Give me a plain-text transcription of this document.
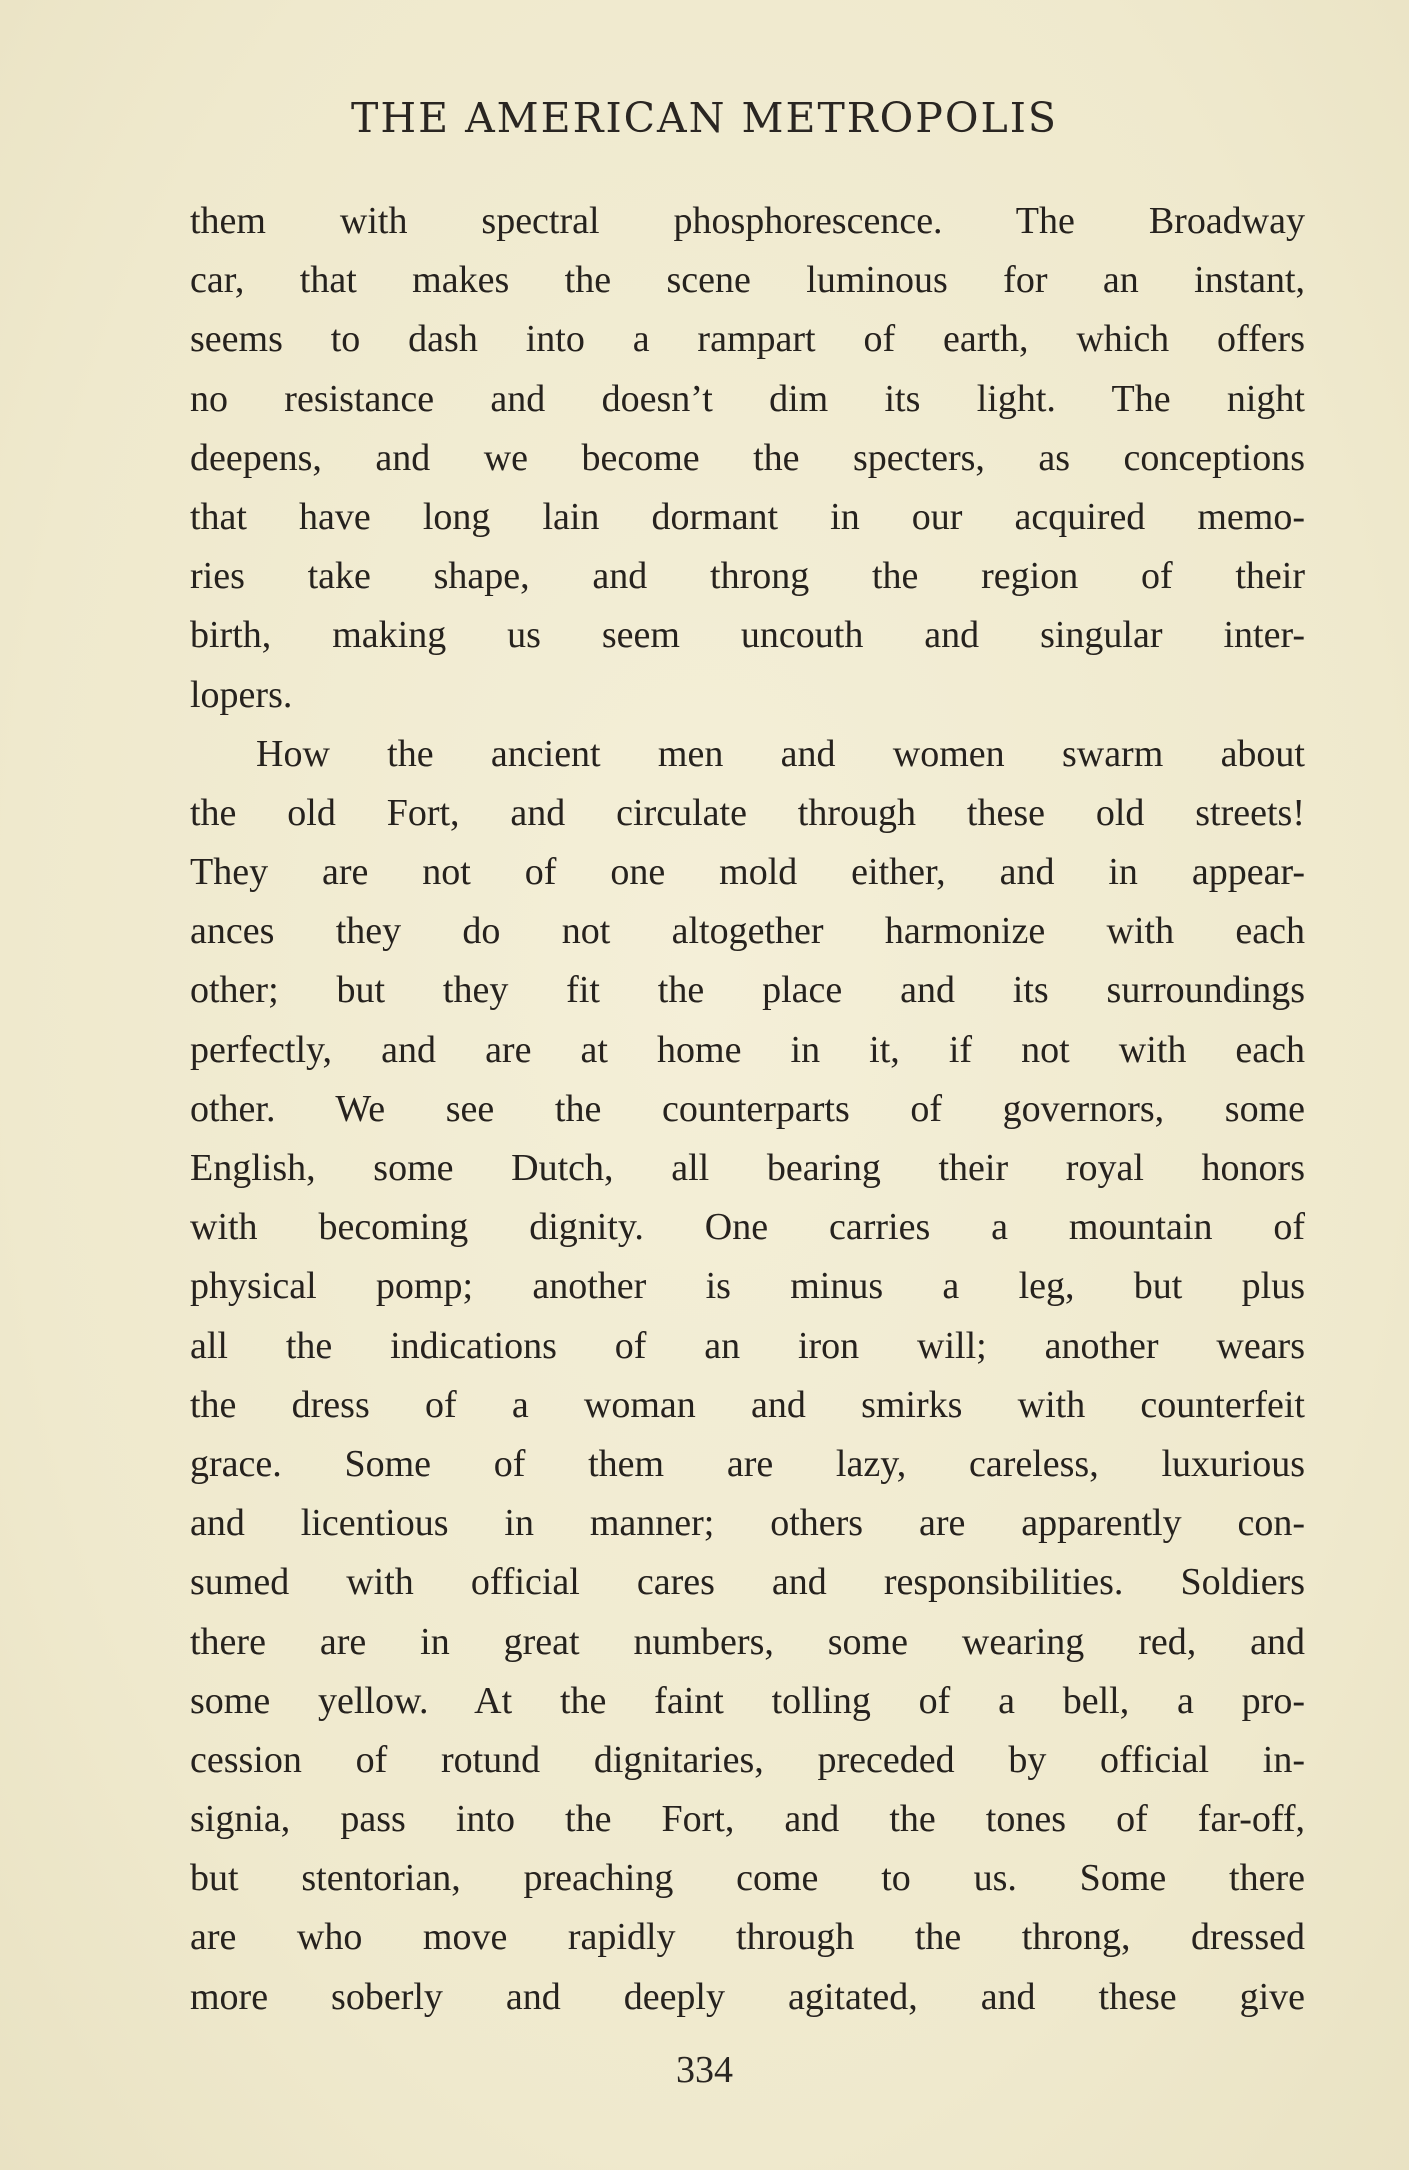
THE AMERICAN METROPOLIS
them with spectral phosphorescence. The Broadway
car, that makes the scene luminous for an instant,
seems to dash into a rampart of earth, which offers
no resistance and doesn’t dim its light. The night
deepens, and we become the specters, as conceptions
that have long lain dormant in our acquired memo-
ries take shape, and throng the region of their
birth, making us seem uncouth and singular inter-
lopers.
How the ancient men and women swarm about
the old Fort, and circulate through these old streets!
They are not of one mold either, and in appear-
ances they do not altogether harmonize with each
other; but they fit the place and its surroundings
perfectly, and are at home in it, if not with each
other. We see the counterparts of governors, some
English, some Dutch, all bearing their royal honors
with becoming dignity. One carries a mountain of
physical pomp; another is minus a leg, but plus
all the indications of an iron will; another wears
the dress of a woman and smirks with counterfeit
grace. Some of them are lazy, careless, luxurious
and licentious in manner; others are apparently con-
sumed with official cares and responsibilities. Soldiers
there are in great numbers, some wearing red, and
some yellow. At the faint tolling of a bell, a pro-
cession of rotund dignitaries, preceded by official in-
signia, pass into the Fort, and the tones of far-off,
but stentorian, preaching come to us. Some there
are who move rapidly through the throng, dressed
more soberly and deeply agitated, and these give
334
